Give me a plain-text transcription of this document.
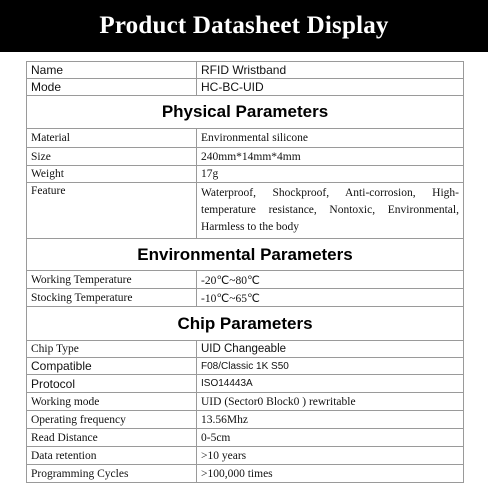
Product Datasheet Display
Name	RFID Wristband
Mode	HC-BC-UID
Physical Parameters
Material	Environmental silicone
Size	240mm*14mm*4mm
Weight	17g
Feature	Waterproof, Shockproof, Anti-corrosion, High-temperature resistance, Nontoxic, Environmental, Harmless to the body
Environmental Parameters
Working Temperature	-20℃~80℃
Stocking Temperature	-10℃~65℃
Chip Parameters
Chip Type	UID Changeable
Compatible	F08/Classic 1K S50
Protocol	ISO14443A
Working mode	UID (Sector0 Block0 ) rewritable
Operating frequency	13.56Mhz
Read Distance	0-5cm
Data retention	>10 years
Programming Cycles	>100,000 times
